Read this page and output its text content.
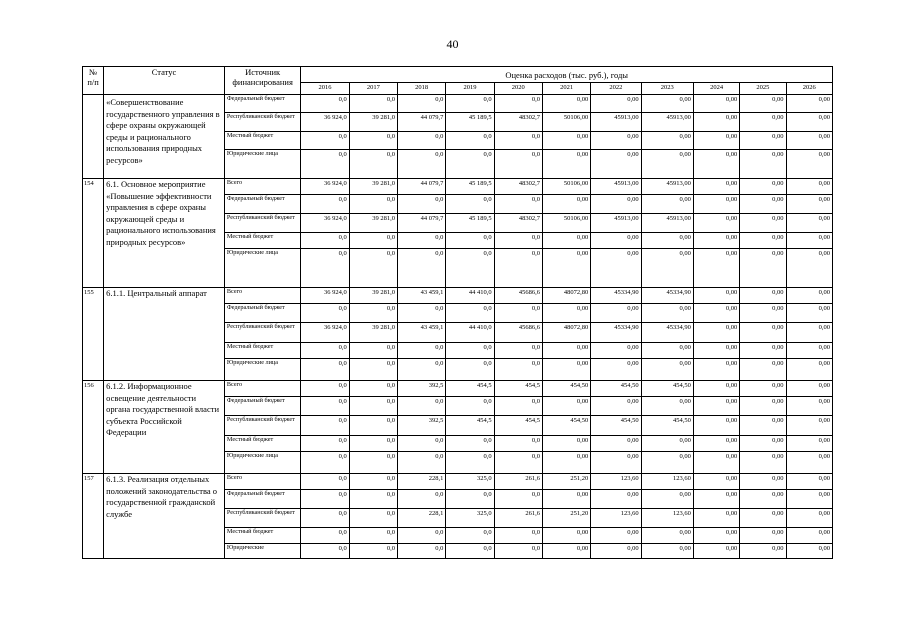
40
№ п/п	Статус	Источник финансирования	Оценка расходов (тыс. руб.), годы										
			2016	2017	2018	2019	2020	2021	2022	2023	2024	2025	2026
	«Совершенствование государственного управления в сфере охраны окружающей среды и рационального использования природных ресурсов»	Федеральный бюджет	0,0	0,0	0,0	0,0	0,0	0,00	0,00	0,00	0,00	0,00	0,00
		Республиканский бюджет	36 924,0	39 281,0	44 079,7	45 189,5	48302,7	50106,00	45913,00	45913,00	0,00	0,00	0,00
		Местный бюджет	0,0	0,0	0,0	0,0	0,0	0,00	0,00	0,00	0,00	0,00	0,00
		Юридические лица	0,0	0,0	0,0	0,0	0,0	0,00	0,00	0,00	0,00	0,00	0,00
154	6.1. Основное мероприятие «Повышение эффективности управления в сфере охраны окружающей среды и рационального использования природных ресурсов»	Всего	36 924,0	39 281,0	44 079,7	45 189,5	48302,7	50106,00	45913,00	45913,00	0,00	0,00	0,00
		Федеральный бюджет	0,0	0,0	0,0	0,0	0,0	0,00	0,00	0,00	0,00	0,00	0,00
		Республиканский бюджет	36 924,0	39 281,0	44 079,7	45 189,5	48302,7	50106,00	45913,00	45913,00	0,00	0,00	0,00
		Местный бюджет	0,0	0,0	0,0	0,0	0,0	0,00	0,00	0,00	0,00	0,00	0,00
		Юридические лица	0,0	0,0	0,0	0,0	0,0	0,00	0,00	0,00	0,00	0,00	0,00
155	6.1.1. Центральный аппарат	Всего	36 924,0	39 281,0	43 459,1	44 410,0	45686,6	48072,80	45334,90	45334,90	0,00	0,00	0,00
		Федеральный бюджет	0,0	0,0	0,0	0,0	0,0	0,00	0,00	0,00	0,00	0,00	0,00
		Республиканский бюджет	36 924,0	39 281,0	43 459,1	44 410,0	45686,6	48072,80	45334,90	45334,90	0,00	0,00	0,00
		Местный бюджет	0,0	0,0	0,0	0,0	0,0	0,00	0,00	0,00	0,00	0,00	0,00
		Юридические лица	0,0	0,0	0,0	0,0	0,0	0,00	0,00	0,00	0,00	0,00	0,00
156	6.1.2. Информационное освещение деятельности органа государственной власти субъекта Российской Федерации	Всего	0,0	0,0	392,5	454,5	454,5	454,50	454,50	454,50	0,00	0,00	0,00
		Федеральный бюджет	0,0	0,0	0,0	0,0	0,0	0,00	0,00	0,00	0,00	0,00	0,00
		Республиканский бюджет	0,0	0,0	392,5	454,5	454,5	454,50	454,50	454,50	0,00	0,00	0,00
		Местный бюджет	0,0	0,0	0,0	0,0	0,0	0,00	0,00	0,00	0,00	0,00	0,00
		Юридические лица	0,0	0,0	0,0	0,0	0,0	0,00	0,00	0,00	0,00	0,00	0,00
157	6.1.3. Реализация отдельных положений законодательства о государственной гражданской службе	Всего	0,0	0,0	228,1	325,0	261,6	251,20	123,60	123,60	0,00	0,00	0,00
		Федеральный бюджет	0,0	0,0	0,0	0,0	0,0	0,00	0,00	0,00	0,00	0,00	0,00
		Республиканский бюджет	0,0	0,0	228,1	325,0	261,6	251,20	123,60	123,60	0,00	0,00	0,00
		Местный бюджет	0,0	0,0	0,0	0,0	0,0	0,00	0,00	0,00	0,00	0,00	0,00
		Юридические	0,0	0,0	0,0	0,0	0,0	0,00	0,00	0,00	0,00	0,00	0,00
